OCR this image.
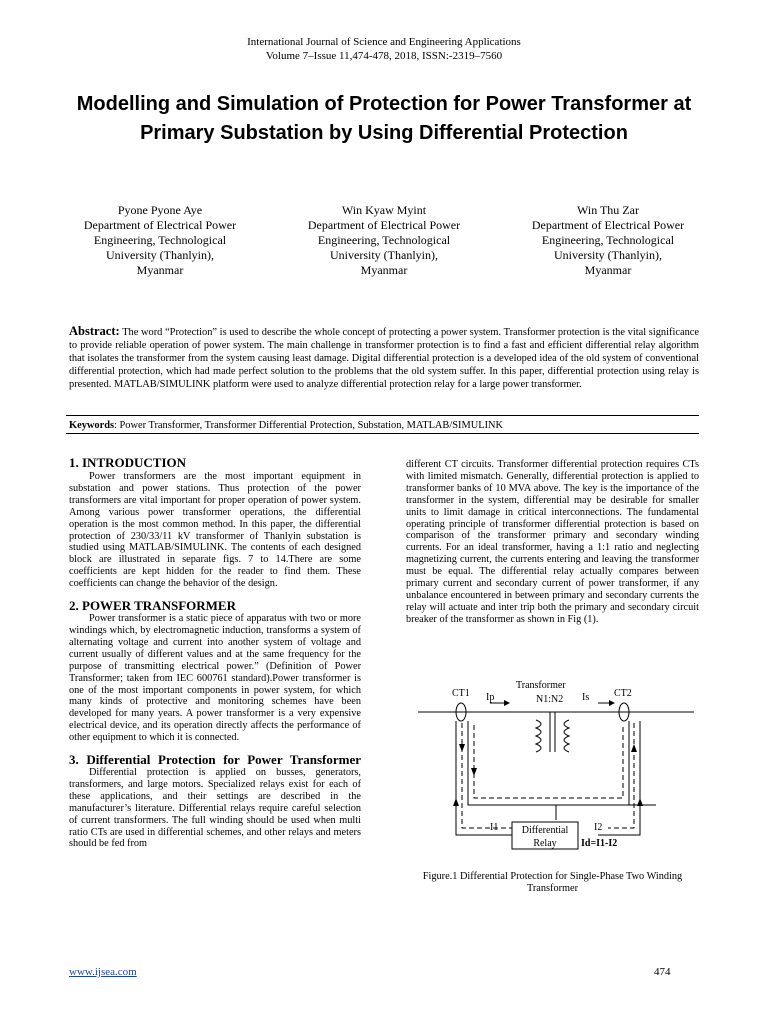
International Journal of Science and Engineering Applications
Volume 7–Issue 11,474-478, 2018, ISSN:-2319–7560
Modelling and Simulation of Protection for Power Transformer at Primary Substation by Using Differential Protection
Pyone Pyone Aye
Department of Electrical Power
Engineering, Technological
University (Thanlyin),
Myanmar
Win Kyaw Myint
Department of Electrical Power
Engineering, Technological
University (Thanlyin),
Myanmar
Win Thu Zar
Department of Electrical Power
Engineering, Technological
University (Thanlyin),
Myanmar
Abstract: The word “Protection” is used to describe the whole concept of protecting a power system. Transformer protection is the vital significance to provide reliable operation of power system. The main challenge in transformer protection is to find a fast and efficient differential relay algorithm that isolates the transformer from the system causing least damage. Digital differential protection is a developed idea of the old system of conventional differential protection, which had made perfect solution to the problems that the old system suffer. In this paper, differential protection using relay is presented. MATLAB/SIMULINK platform were used to analyze differential protection relay for a large power transformer.
Keywords: Power Transformer, Transformer Differential Protection, Substation, MATLAB/SIMULINK
1. INTRODUCTION

Power transformers are the most important equipment in substation and power stations. Thus protection of the power transformers are vital important for proper operation of power system. Among various power transformer operations, the differential operation is the most common method. In this paper, the differential protection of 230/33/11 kV transformer of Thanlyin substation is studied using MATLAB/SIMULINK. The contents of each designed block are illustrated in separate figs. 7 to 14.There are some coefficients are kept hidden for the reader to find them. These coefficients can change the behavior of the design.

2. POWER TRANSFORMER

Power transformer is a static piece of apparatus with two or more windings which, by electromagnetic induction, transforms a system of alternating voltage and current into another system of voltage and current usually of different values and at the same frequency for the purpose of transmitting electrical power.” (Definition of Power Transformer; taken from IEC 600761 standard).Power transformer is one of the most important components in power system, for which many kinds of protective and monitoring schemes have been developed for many years. A power transformer is a very expensive electrical device, and its operation directly affects the performance of other equipment to which it is connected.

3. Differential Protection for Power Transformer

Differential protection is applied on busses, generators, transformers, and large motors. Specialized relays exist for each of these applications, and their settings are described in the manufacturer’s literature. Differential relays require careful selection of current transformers. The full winding should be used when multi ratio CTs are used in differential schemes, and other relays and meters should be fed from

different CT circuits. Transformer differential protection requires CTs with limited mismatch. Generally, differential protection is applied to transformer banks of 10 MVA above. The key is the importance of the transformer in the system, differential may be desirable for smaller units to limit damage in critical interconnections. The fundamental operating principle of transformer differential protection is based on comparison of the transformer primary and secondary winding currents. For an ideal transformer, having a 1:1 ratio and neglecting magnetizing current, the currents entering and leaving the transformer must be equal. The differential relay actually compares between primary current and secondary current of power transformer, if any unbalance encountered in between primary and secondary currents the relay will actuate and inter trip both the primary and secondary circuit breaker of the transformer as shown in Fig (1).

Transformer
N1:N2
CT1	CT2
Ip	Is
I1	I2
Differential
Relay Id=I1-I2
Figure.1 Differential Protection for Single-Phase Two Winding Transformer
www.ijsea.com	474
